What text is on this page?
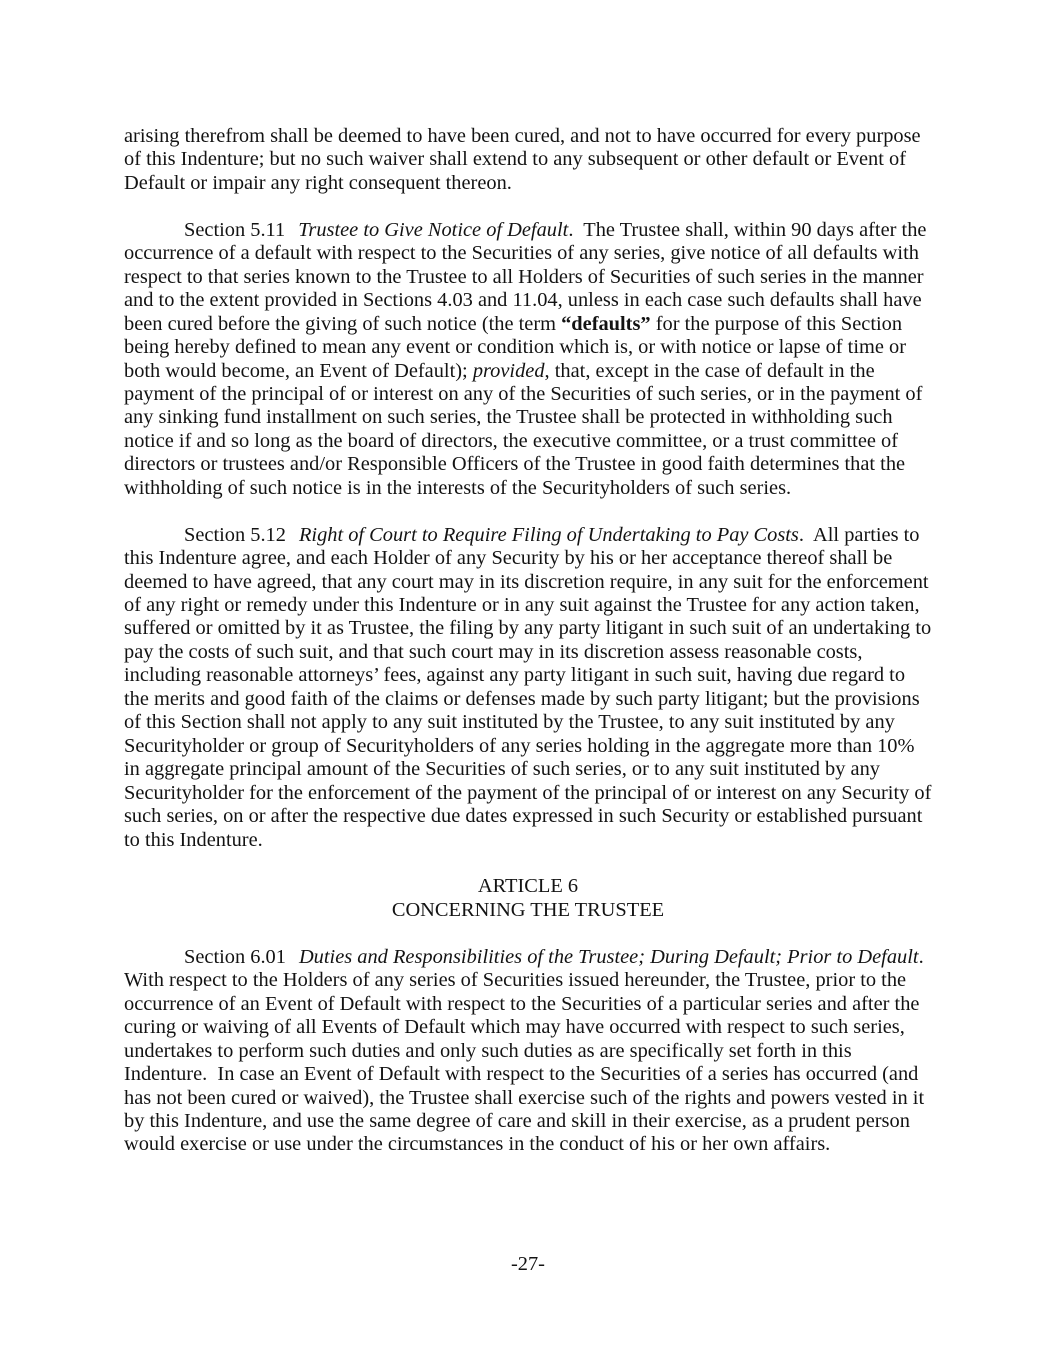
arising therefrom shall be deemed to have been cured, and not to have occurred for every purpose of this Indenture; but no such waiver shall extend to any subsequent or other default or Event of Default or impair any right consequent thereon.

Section 5.11 Trustee to Give Notice of Default.  The Trustee shall, within 90 days after the occurrence of a default with respect to the Securities of any series, give notice of all defaults with respect to that series known to the Trustee to all Holders of Securities of such series in the manner and to the extent provided in Sections 4.03 and 11.04, unless in each case such defaults shall have been cured before the giving of such notice (the term “defaults” for the purpose of this Section being hereby defined to mean any event or condition which is, or with notice or lapse of time or both would become, an Event of Default); provided, that, except in the case of default in the payment of the principal of or interest on any of the Securities of such series, or in the payment of any sinking fund installment on such series, the Trustee shall be protected in withholding such notice if and so long as the board of directors, the executive committee, or a trust committee of directors or trustees and/or Responsible Officers of the Trustee in good faith determines that the withholding of such notice is in the interests of the Securityholders of such series.

Section 5.12 Right of Court to Require Filing of Undertaking to Pay Costs.  All parties to this Indenture agree, and each Holder of any Security by his or her acceptance thereof shall be deemed to have agreed, that any court may in its discretion require, in any suit for the enforcement of any right or remedy under this Indenture or in any suit against the Trustee for any action taken, suffered or omitted by it as Trustee, the filing by any party litigant in such suit of an undertaking to pay the costs of such suit, and that such court may in its discretion assess reasonable costs, including reasonable attorneys’ fees, against any party litigant in such suit, having due regard to the merits and good faith of the claims or defenses made by such party litigant; but the provisions of this Section shall not apply to any suit instituted by the Trustee, to any suit instituted by any Securityholder or group of Securityholders of any series holding in the aggregate more than 10% in aggregate principal amount of the Securities of such series, or to any suit instituted by any Securityholder for the enforcement of the payment of the principal of or interest on any Security of such series, on or after the respective due dates expressed in such Security or established pursuant to this Indenture.

ARTICLE 6
CONCERNING THE TRUSTEE

Section 6.01 Duties and Responsibilities of the Trustee; During Default; Prior to Default.  With respect to the Holders of any series of Securities issued hereunder, the Trustee, prior to the occurrence of an Event of Default with respect to the Securities of a particular series and after the curing or waiving of all Events of Default which may have occurred with respect to such series, undertakes to perform such duties and only such duties as are specifically set forth in this Indenture.  In case an Event of Default with respect to the Securities of a series has occurred (and has not been cured or waived), the Trustee shall exercise such of the rights and powers vested in it by this Indenture, and use the same degree of care and skill in their exercise, as a prudent person would exercise or use under the circumstances in the conduct of his or her own affairs.

-27-
